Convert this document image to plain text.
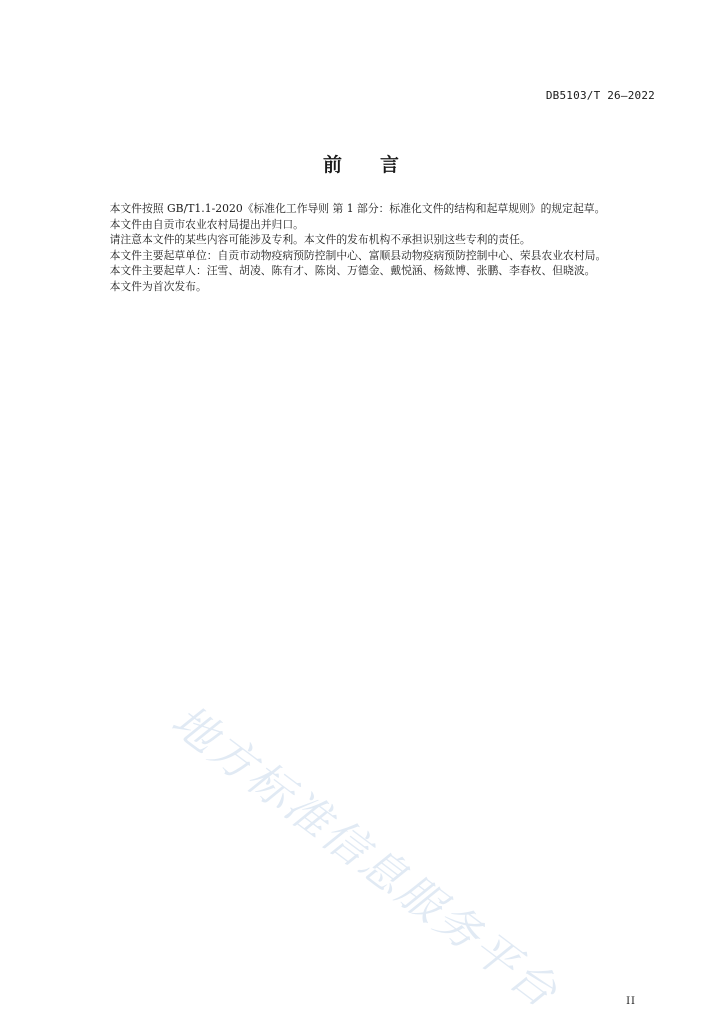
DB5103/T 26—2022
前 言

本文件按照 GB/T1.1-2020《标准化工作导则 第 1 部分：标准化文件的结构和起草规则》的规定起草。

本文件由自贡市农业农村局提出并归口。

请注意本文件的某些内容可能涉及专利。本文件的发布机构不承担识别这些专利的责任。

本文件主要起草单位：自贡市动物疫病预防控制中心、富顺县动物疫病预防控制中心、荣县农业农村局。

本文件主要起草人：汪雪、胡凌、陈有才、陈岗、万德金、戴悦涵、杨鈜博、张鹏、李春枚、但晓波。

本文件为首次发布。

地方标准信息服务平台	II
